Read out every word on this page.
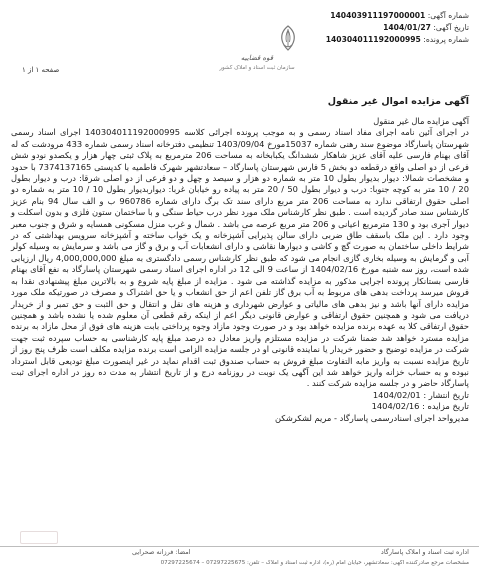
شماره آگهی: 140403911197000001
تاریخ آگهی: 1404/01/27
شماره پرونده: 140304011192000995
قوه قضاییه
سازمان ثبت اسناد و املاک کشور
صفحه ۱ از ۱
آگهی مزایده اموال غیر منقول

آگهی مزایده مال غیر منقول

در اجرای آئین نامه اجرای مفاد اسناد رسمی و به موجب پرونده اجرائی کلاسه 140304011192000995 اجرای اسناد رسمی شهرستان پاسارگاد موضوع سند رهنی شماره 15037مورخ 1403/09/04 تنظیمی دفترخانه اسناد رسمی شماره 433 مرودشت که له آقای بهنام فارسی علیه آقای عزیز شاهکار ششدانگ یکبابخانه به مساحت 206 مترمربع به پلاک ثبتی چهار هزار و یکصدو نودو شش فرعی از دو اصلی واقع درقطعه دو بخش 5 فارس شهرستان پاسارگاد – سعادتشهر شهرک فاطمیه با کدپستی 7374137165 با حدود و مشخصات شمالا: دیوار بدیوار بطول 10 متر به شماره دو هزار و سیصد و چهل و دو فرعی از دو اصلی شرقا: درب و دیوار بطول 20 / 10 متر به کوچه جنوبا: درب و دیوار بطول 50 / 20 متر به پیاده رو خیابان غربا: دیواربدیوار بطول 10 / 10 متر به شماره دو اصلی حقوق ارتفاقی ندارد به مساحت 206 متر مربع دارای سند تک برگ دارای شماره 960786 ب و الف سال 94 بنام عزیز کارشناس سند صادر گردیده است . طبق نظر کارشناس ملک مورد نظر درب حیاط سنگی و با ساختمان ستون فلزی و بدون اسکلت و دیوار آجری بود و 130 مترمربع اعیانی و 206 متر مربع عرصه می باشد . شمال و غرب منزل مسکونی همسایه و شرق و جنوب معبر وجود دارد . این ملک باسقف طاق ضربی دارای سالن پذیرایی آشپزخانه و یک خواب ساخته و آشپزخانه سرویس بهداشتی که در شرایط داخلی ساختمان به صورت گچ و کاشی و دیوارها نقاشی و دارای انشعابات آب و برق و گاز می باشد و سرمایش به وسیله کولر آبی و گرمایش به وسیله بخاری گازی انجام می شود که طبق نظر کارشناس رسمی دادگستری به مبلغ 4,000,000,000 ریال ارزیابی شده است، روز سه شنبه مورخ 1404/02/16 از ساعت 9 الی 12 در اداره اجرای اسناد رسمی شهرستان پاسارگاد به نفع آقای بهنام فارسی بستانکار پرونده اجرایی مذکور به مزایده گذاشته می شود . مزایده از مبلغ پایه شروع و به بالاترین مبلغ پیشنهادی نقدا به فروش میرسد پرداخت بدهی های مربوط به آب برق گاز تلفن اعم از حق انشعاب و یا حق اشتراک و مصرف در صورتیکه ملک مورد مزایده دارای آنها باشد و نیز بدهی های مالیاتی و عوارض شهرداری و هزینه های نقل و انتقال و حق الثبت و حق تمبر و از خریدار دریافت می شود و همچنین حقوق ارتفاقی و عوارض قانونی دیگر اعم از اینکه رقم قطعی آن معلوم شده یا نشده باشد و همچنین حقوق ارتفاقی کلا به عهده برنده مزایده خواهد بود و در صورت وجود مازاد وجوه پرداختی بابت هزینه های فوق از محل مازاد به برنده مزایده مسترد خواهد شد ضمنا شرکت در مزایده مستلزم واریز معادل ده درصد مبلغ پایه کارشناسی به حساب سپرده ثبت جهت شرکت در مزایده توضیح و حضور خریدار یا نماینده قانونی او در جلسه مزایده الزامی است برنده مزایده مکلف است ظرف پنج روز از تاریخ مزایده نسبت به واریز مابه التفاوت مبلغ فروش به حساب صندوق ثبت اقدام نماید در غیر اینصورت مبلغ تودیعی قابل استرداد نبوده و به حساب خزانه واریز خواهد شد این آگهی یک نوبت در روزنامه درج و از تاریخ انتشار به مدت ده روز در اداره اجرای ثبت پاسارگاد حاضر و در جلسه مزایده شرکت کنند .

تاریخ انتشار : 1404/02/01

تاریخ مزایده : 1404/02/16

مدیرواحد اجرای اسنادرسمی پاسارگاد - مریم لشکرشکن

امضا: فرزانه صحرایی	اداره ثبت اسناد و املاک پاسارگاد
مشخصات مرجع صادرکننده آگهی: سعادتشهر، خیابان امام (ره)، اداره ثبت اسناد و املاک – تلفن: 07297225675 – 07297225674
